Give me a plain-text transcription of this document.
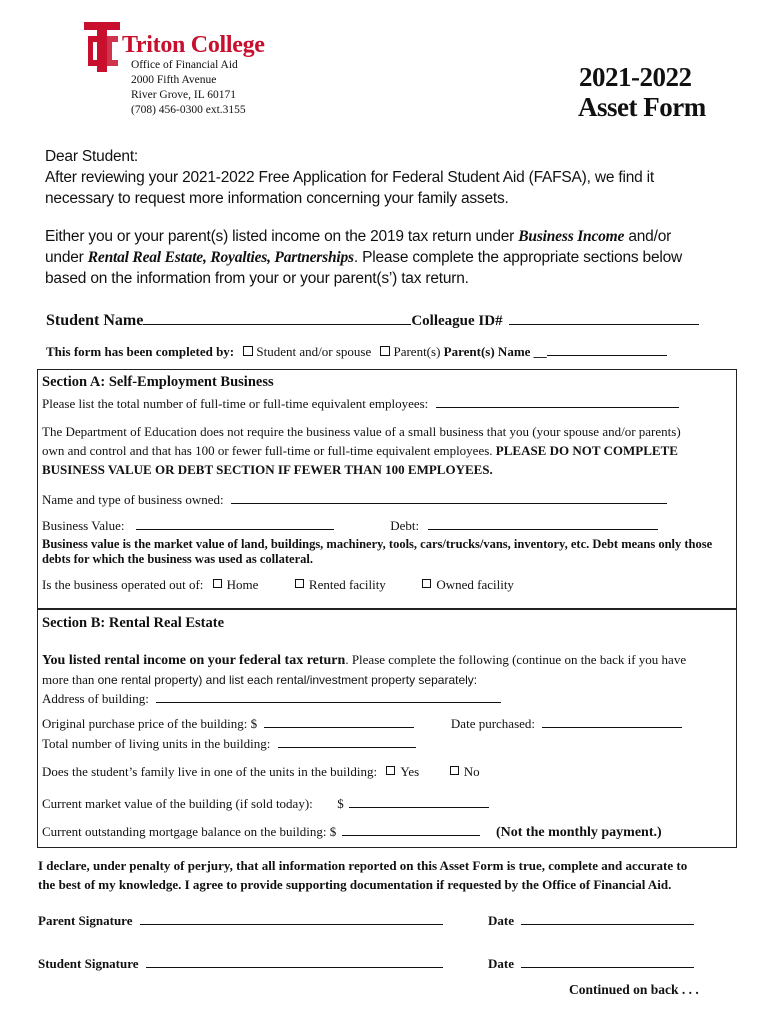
Triton College
Office of Financial Aid
2000 Fifth Avenue
River Grove, IL 60171
(708) 456-0300 ext.3155
2021-2022
Asset Form
Dear Student:
After reviewing your 2021-2022 Free Application for Federal Student Aid (FAFSA), we find it
necessary to request more information concerning your family assets.
Either you or your parent(s) listed income on the 2019 tax return under Business Income and/or
under Rental Real Estate, Royalties, Partnerships. Please complete the appropriate sections below
based on the information from your or your parent(s’) tax return.
Student Name	Colleague ID#
This form has been completed by: Student and/or spouse Parent(s) Parent(s) Name __
Section A: Self-Employment Business
Please list the total number of full-time or full-time equivalent employees:
The Department of Education does not require the business value of a small business that you (your spouse and/or parents)
own and control and that has 100 or fewer full-time or full-time equivalent employees. PLEASE DO NOT COMPLETE
BUSINESS VALUE OR DEBT SECTION IF FEWER THAN 100 EMPLOYEES.
Name and type of business owned:
Business Value:	Debt:
Business value is the market value of land, buildings, machinery, tools, cars/trucks/vans, inventory, etc. Debt means only those
debts for which the business was used as collateral.
Is the business operated out of: Home	Rented facility	Owned facility
Section B: Rental Real Estate
You listed rental income on your federal tax return. Please complete the following (continue on the back if you have
more than one rental property) and list each rental/investment property separately:
Address of building:
Original purchase price of the building: $	Date purchased:
Total number of living units in the building:
Does the student’s family live in one of the units in the building: Yes	No
Current market value of the building (if sold today): $
Current outstanding mortgage balance on the building: $	(Not the monthly payment.)
I declare, under penalty of perjury, that all information reported on this Asset Form is true, complete and accurate to
the best of my knowledge. I agree to provide supporting documentation if requested by the Office of Financial Aid.
Parent Signature	Date
Student Signature	Date
Continued on back . . .
